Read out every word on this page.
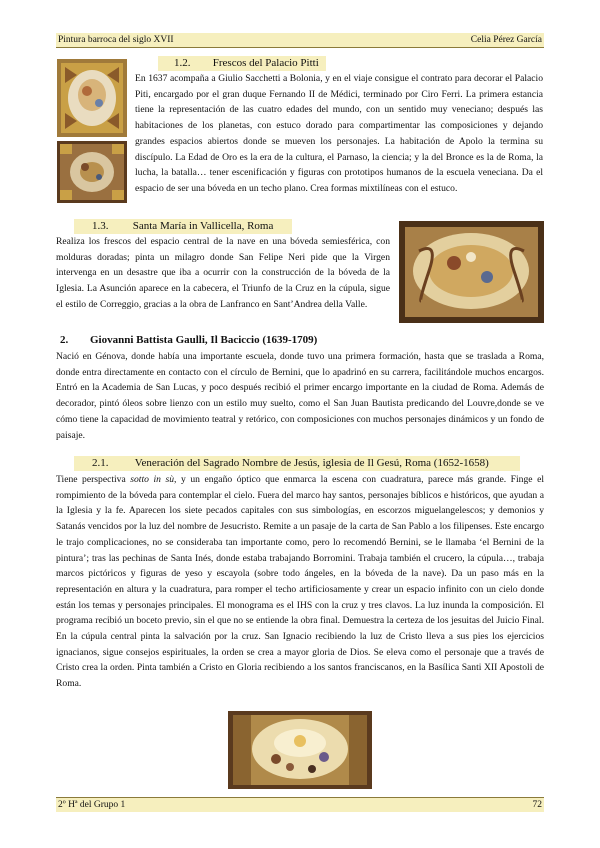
Pintura barroca del siglo XVII	Celia Pérez García
1.2. Frescos del Palacio Pitti

En 1637 acompaña a Giulio Sacchetti a Bolonia, y en el viaje consigue el contrato para decorar el Palacio Piti, encargado por el gran duque Fernando II de Médici, terminado por Ciro Ferri. La primera estancia tiene la representación de las cuatro edades del mundo, con un sentido muy veneciano; después las habitaciones de los planetas, con estuco dorado para compartimentar las composiciones y dejando grandes espacios abiertos donde se mueven los personajes. La habitación de Apolo la termina su discípulo. La Edad de Oro es la era de la cultura, el Parnaso, la ciencia; y la del Bronce es la de Roma, la lucha, la batalla… tener escenificación y figuras con prototipos humanos de la escuela veneciana. Da el espacio de ser una bóveda en un techo plano. Crea formas mixtilíneas con el estuco.

1.3. Santa María in Vallicella, Roma

Realiza los frescos del espacio central de la nave en una bóveda semiesférica, con molduras doradas; pinta un milagro donde San Felipe Neri pide que la Virgen intervenga en un desastre que iba a ocurrir con la construcción de la bóveda de la Iglesia. La Asunción aparece en la cabecera, el Triunfo de la Cruz en la cúpula, sigue el estilo de Correggio, gracias a la obra de Lanfranco en Sant’Andrea della Valle.

2. Giovanni Battista Gaulli, Il Baciccio (1639-1709)

Nació en Génova, donde había una importante escuela, donde tuvo una primera formación, hasta que se traslada a Roma, donde entra directamente en contacto con el círculo de Bernini, que lo apadrinó en su carrera, facilitándole muchos encargos. Entró en la Academia de San Lucas, y poco después recibió el primer encargo importante en la ciudad de Roma. Además de decorador, pintó óleos sobre lienzo con un estilo muy suelto, como el San Juan Bautista predicando del Louvre,donde se ve cómo tiene la capacidad de movimiento teatral y retórico, con composiciones con muchos personajes dinámicos y un fondo de paisaje.

2.1. Veneración del Sagrado Nombre de Jesús, iglesia de Il Gesú, Roma (1652-1658)

Tiene perspectiva sotto in sù, y un engaño óptico que enmarca la escena con cuadratura, parece más grande. Finge el rompimiento de la bóveda para contemplar el cielo. Fuera del marco hay santos, personajes bíblicos e históricos, que ayudan a la Iglesia y la fe. Aparecen los siete pecados capitales con sus simbologías, en escorzos miguelangelescos; y demonios y Satanás vencidos por la luz del nombre de Jesucristo. Remite a un pasaje de la carta de San Pablo a los filipenses. Este encargo le trajo complicaciones, no se consideraba tan importante como, pero lo recomendó Bernini, se le llamaba ‘el Bernini de la pintura’; tras las pechinas de Santa Inés, donde estaba trabajando Borromini. Trabaja también el crucero, la cúpula…, trabaja marcos pictóricos y figuras de yeso y escayola (sobre todo ángeles, en la bóveda de la nave). Da un paso más en la representación en altura y la cuadratura, para romper el techo artificiosamente y crear un espacio infinito con un cielo donde están los temas y personajes principales. El monograma es el IHS con la cruz y tres clavos. La luz inunda la composición. El programa recibió un boceto previo, sin el que no se entiende la obra final. Demuestra la certeza de los jesuitas del Juicio Final. En la cúpula central pinta la salvación por la cruz. San Ignacio recibiendo la luz de Cristo lleva a sus pies los ejercicios ignacianos, sigue consejos espirituales, la orden se crea a mayor gloria de Dios. Se eleva como el personaje que a través de Cristo crea la orden. Pinta también a Cristo en Gloria recibiendo a los santos franciscanos, en la Basílica Santi XII Apostoli de Roma.

2º Hª del Grupo 1	72
